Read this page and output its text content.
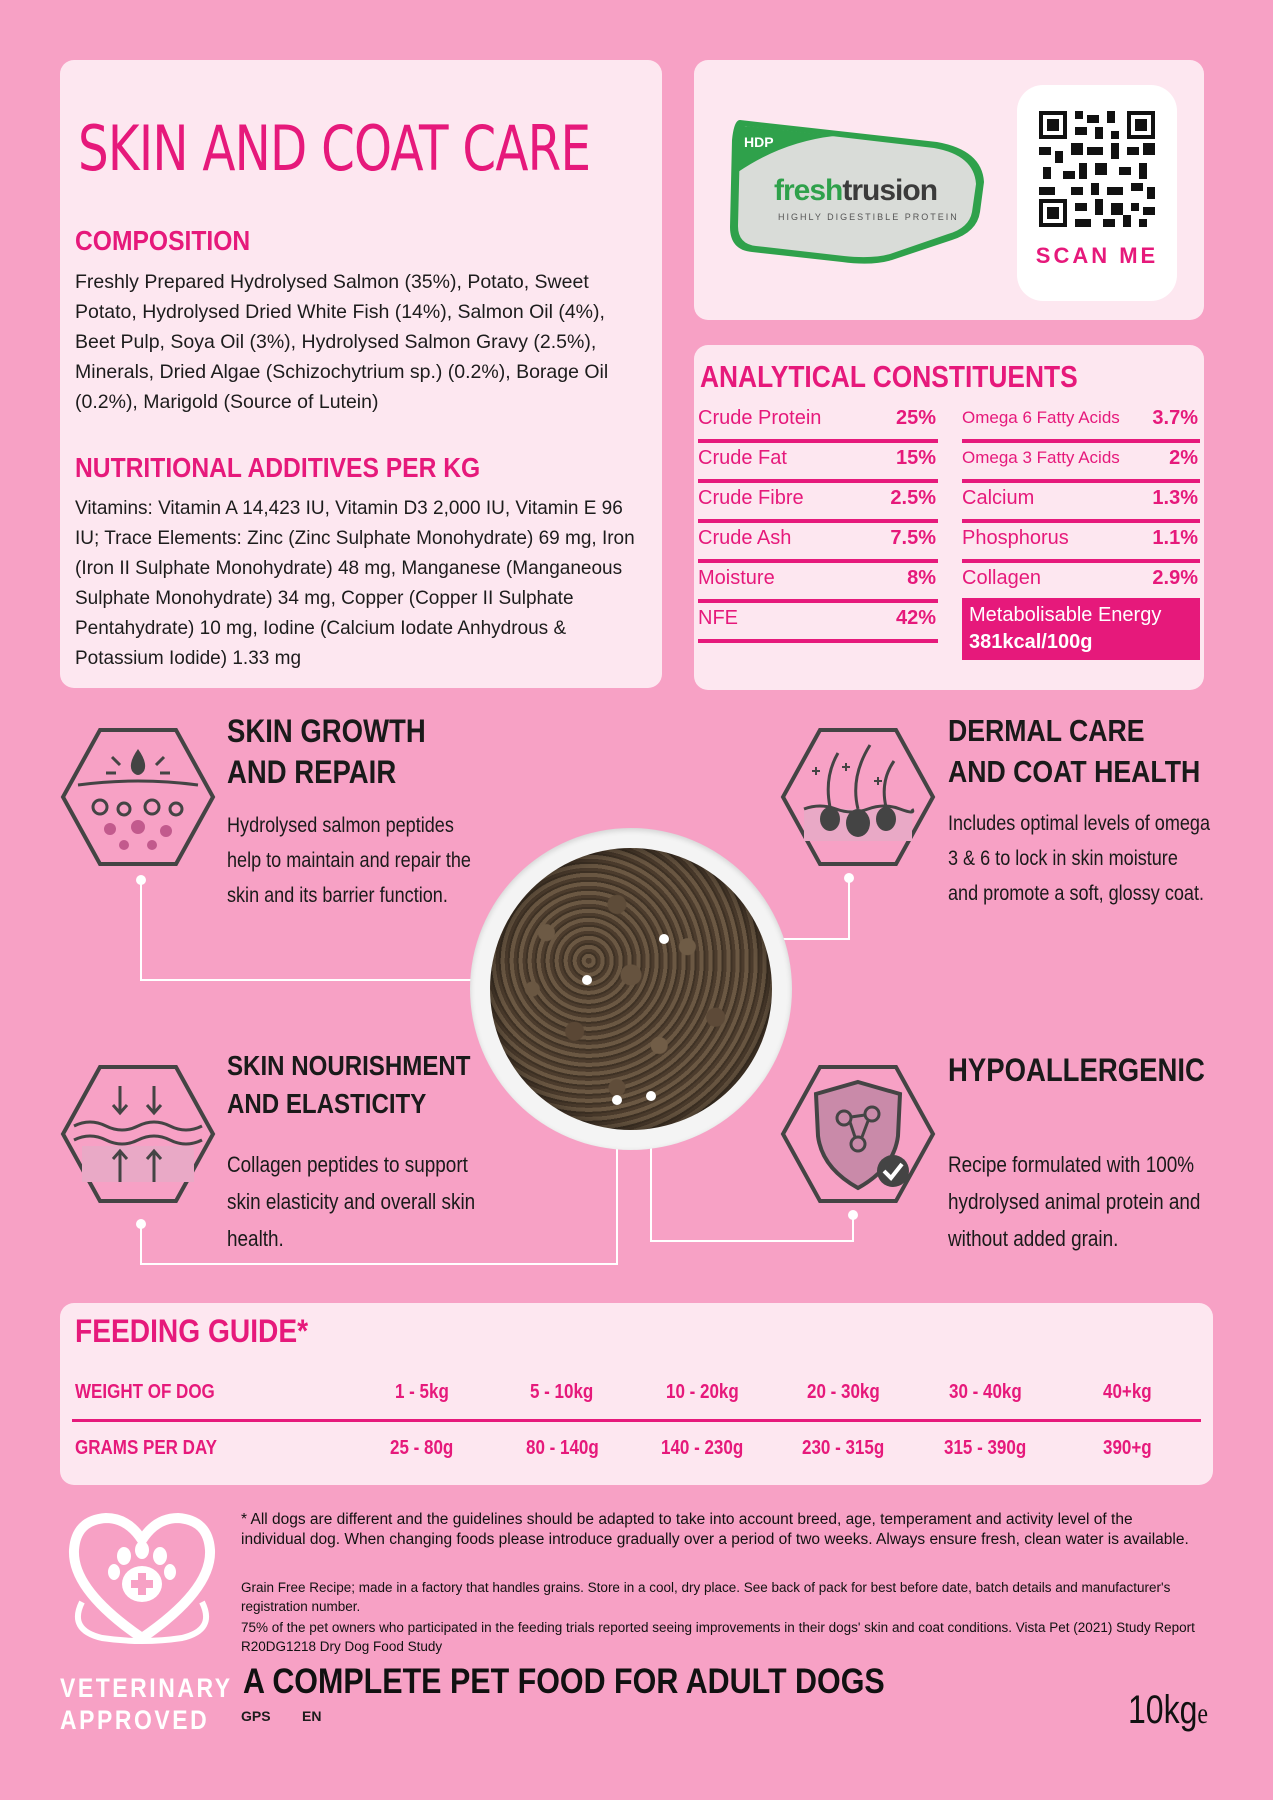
SKIN AND COAT CARE
COMPOSITION

Freshly Prepared Hydrolysed Salmon (35%), Potato, Sweet Potato, Hydrolysed Dried White Fish (14%), Salmon Oil (4%), Beet Pulp, Soya Oil (3%), Hydrolysed Salmon Gravy (2.5%), Minerals, Dried Algae (Schizochytrium sp.) (0.2%), Borage Oil (0.2%), Marigold (Source of Lutein)

NUTRITIONAL ADDITIVES PER KG

Vitamins: Vitamin A 14,423 IU, Vitamin D3 2,000 IU, Vitamin E 96 IU; Trace Elements: Zinc (Zinc Sulphate Monohydrate) 69 mg, Iron (Iron II Sulphate Monohydrate) 48 mg, Manganese (Manganeous Sulphate Monohydrate) 34 mg, Copper (Copper II Sulphate Pentahydrate) 10 mg, Iodine (Calcium Iodate Anhydrous & Potassium Iodide) 1.33 mg

HDP
freshtrusion
HIGHLY DIGESTIBLE PROTEIN
SCAN ME
ANALYTICAL CONSTITUENTS
Crude Protein	25%
Crude Fat	15%
Crude Fibre	2.5%
Crude Ash	7.5%
Moisture	8%
NFE	42%
Omega 6 Fatty Acids 3.7%
Omega 3 Fatty Acids 2%
Calcium	1.3%
Phosphorus	1.1%
Collagen	2.9%
Metabolisable Energy
381kcal/100g
SKIN GROWTH
AND REPAIR

Hydrolysed salmon peptides
help to maintain and repair the
skin and its barrier function.

DERMAL CARE
AND COAT HEALTH

Includes optimal levels of omega
3 & 6 to lock in skin moisture
and promote a soft, glossy coat.

SKIN NOURISHMENT
AND ELASTICITY

Collagen peptides to support
skin elasticity and overall skin
health.

HYPOALLERGENIC

Recipe formulated with 100%
hydrolysed animal protein and
without added grain.

FEEDING GUIDE*
WEIGHT OF DOG	1 - 5kg	5 - 10kg	10 - 20kg	20 - 30kg	30 - 40kg	40+kg
GRAMS PER DAY	25 - 80g	80 - 140g	140 - 230g	230 - 315g	315 - 390g	390+g
VETERINARY
APPROVED

* All dogs are different and the guidelines should be adapted to take into account breed, age, temperament and activity level of the individual dog. When changing foods please introduce gradually over a period of two weeks. Always ensure fresh, clean water is available.

Grain Free Recipe; made in a factory that handles grains. Store in a cool, dry place. See back of pack for best before date, batch details and manufacturer's registration number.

75% of the pet owners who participated in the feeding trials reported seeing improvements in their dogs' skin and coat conditions. Vista Pet (2021) Study Report R20DG1218 Dry Dog Food Study

A COMPLETE PET FOOD FOR ADULT DOGS
GPS EN	10kge
